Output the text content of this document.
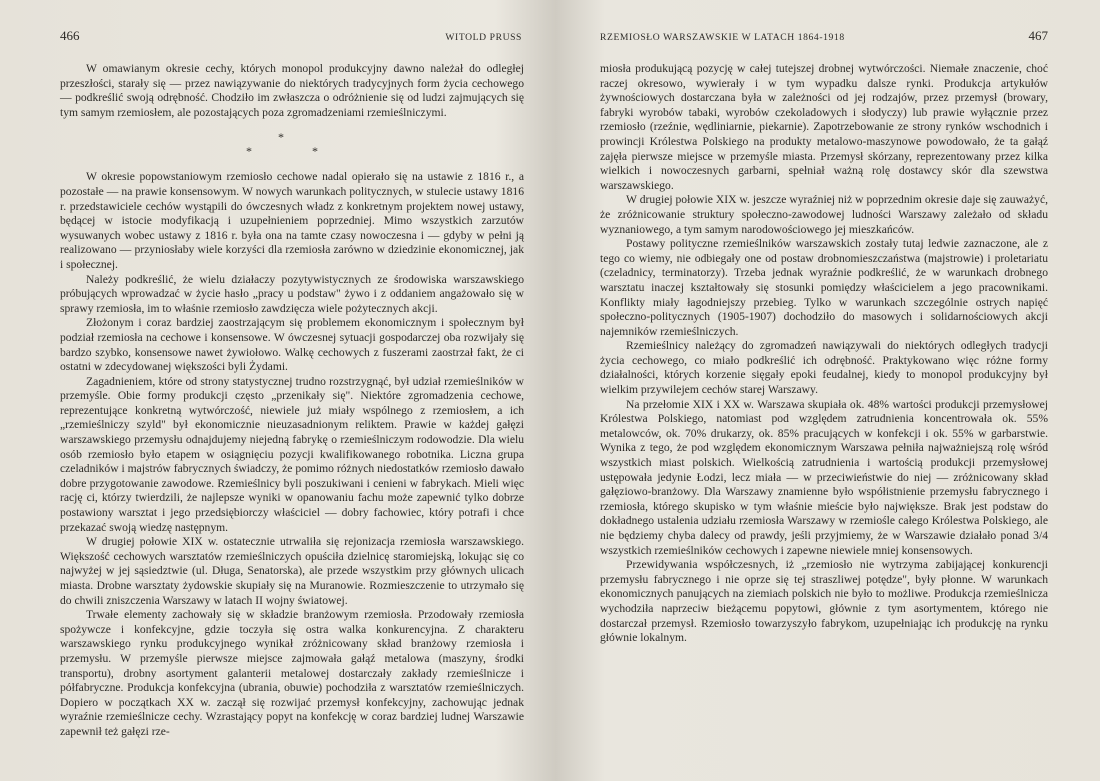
466	WITOLD PRUSS

W omawianym okresie cechy, których monopol produkcyjny dawno należał do odległej przeszłości, starały się — przez nawiązywanie do niektórych tradycyjnych form życia cechowego — podkreślić swoją odrębność. Chodziło im zwłaszcza o odróżnienie się od ludzi zajmujących się tym samym rzemiosłem, ale pozostających poza zgromadzeniami rzemieślniczymi.

*
*	*

W okresie popowstaniowym rzemiosło cechowe nadal opierało się na ustawie z 1816 r., a pozostałe — na prawie konsensowym. W nowych warunkach politycznych, w stulecie ustawy 1816 r. przedstawiciele cechów wystąpili do ówczesnych władz z konkretnym projektem nowej ustawy, będącej w istocie modyfikacją i uzupełnieniem poprzedniej. Mimo wszystkich zarzutów wysuwanych wobec ustawy z 1816 r. była ona na tamte czasy nowoczesna i — gdyby w pełni ją realizowano — przyniosłaby wiele korzyści dla rzemiosła zarówno w dziedzinie ekonomicznej, jak i społecznej.

Należy podkreślić, że wielu działaczy pozytywistycznych ze środowiska warszawskiego próbujących wprowadzać w życie hasło „pracy u podstaw" żywo i z oddaniem angażowało się w sprawy rzemiosła, im to właśnie rzemiosło zawdzięcza wiele pożytecznych akcji.

Złożonym i coraz bardziej zaostrzającym się problemem ekonomicznym i społecznym był podział rzemiosła na cechowe i konsensowe. W ówczesnej sytuacji gospodarczej oba rozwijały się bardzo szybko, konsensowe nawet żywiołowo. Walkę cechowych z fuszerami zaostrzał fakt, że ci ostatni w zdecydowanej większości byli Żydami.

Zagadnieniem, które od strony statystycznej trudno rozstrzygnąć, był udział rzemieślników w przemyśle. Obie formy produkcji często „przenikały się". Niektóre zgromadzenia cechowe, reprezentujące konkretną wytwórczość, niewiele już miały wspólnego z rzemiosłem, a ich „rzemieślniczy szyld" był ekonomicznie nieuzasadnionym reliktem. Prawie w każdej gałęzi warszawskiego przemysłu odnajdujemy niejedną fabrykę o rzemieślniczym rodowodzie. Dla wielu osób rzemiosło było etapem w osiągnięciu pozycji kwalifikowanego robotnika. Liczna grupa czeladników i majstrów fabrycznych świadczy, że pomimo różnych niedostatków rzemiosło dawało dobre przygotowanie zawodowe. Rzemieślnicy byli poszukiwani i cenieni w fabrykach. Mieli więc rację ci, którzy twierdzili, że najlepsze wyniki w opanowaniu fachu może zapewnić tylko dobrze postawiony warsztat i jego przedsiębiorczy właściciel — dobry fachowiec, który potrafi i chce przekazać swoją wiedzę następnym.

W drugiej połowie XIX w. ostatecznie utrwaliła się rejonizacja rzemiosła warszawskiego. Większość cechowych warsztatów rzemieślniczych opuściła dzielnicę staromiejską, lokując się co najwyżej w jej sąsiedztwie (ul. Długa, Senatorska), ale przede wszystkim przy głównych ulicach miasta. Drobne warsztaty żydowskie skupiały się na Muranowie. Rozmieszczenie to utrzymało się do chwili zniszczenia Warszawy w latach II wojny światowej.

Trwałe elementy zachowały się w składzie branżowym rzemiosła. Przodowały rzemiosła spożywcze i konfekcyjne, gdzie toczyła się ostra walka konkurencyjna. Z charakteru warszawskiego rynku produkcyjnego wynikał zróżnicowany skład branżowy rzemiosła i przemysłu. W przemyśle pierwsze miejsce zajmowała gałąź metalowa (maszyny, środki transportu), drobny asortyment galanterii metalowej dostarczały zakłady rzemieślnicze i półfabryczne. Produkcja konfekcyjna (ubrania, obuwie) pochodziła z warsztatów rzemieślniczych. Dopiero w początkach XX w. zaczął się rozwijać przemysł konfekcyjny, zachowując jednak wyraźnie rzemieślnicze cechy. Wzrastający popyt na konfekcję w coraz bardziej ludnej Warszawie zapewnił też gałęzi rze-

RZEMIOSŁO WARSZAWSKIE W LATACH 1864-1918	467

miosła produkującą pozycję w całej tutejszej drobnej wytwórczości. Niemałe znaczenie, choć raczej okresowo, wywierały i w tym wypadku dalsze rynki. Produkcja artykułów żywnościowych dostarczana była w zależności od jej rodzajów, przez przemysł (browary, fabryki wyrobów tabaki, wyrobów czekoladowych i słodyczy) lub prawie wyłącznie przez rzemiosło (rzeźnie, wędliniarnie, piekarnie). Zapotrzebowanie ze strony rynków wschodnich i prowincji Królestwa Polskiego na produkty metalowo-maszynowe powodowało, że ta gałąź zajęła pierwsze miejsce w przemyśle miasta. Przemysł skórzany, reprezentowany przez kilka wielkich i nowoczesnych garbarni, spełniał ważną rolę dostawcy skór dla szewstwa warszawskiego.

W drugiej połowie XIX w. jeszcze wyraźniej niż w poprzednim okresie daje się zauważyć, że zróżnicowanie struktury społeczno-zawodowej ludności Warszawy zależało od składu wyznaniowego, a tym samym narodowościowego jej mieszkańców.

Postawy polityczne rzemieślników warszawskich zostały tutaj ledwie zaznaczone, ale z tego co wiemy, nie odbiegały one od postaw drobnomieszczaństwa (majstrowie) i proletariatu (czeladnicy, terminatorzy). Trzeba jednak wyraźnie podkreślić, że w warunkach drobnego warsztatu inaczej kształtowały się stosunki pomiędzy właścicielem a jego pracownikami. Konflikty miały łagodniejszy przebieg. Tylko w warunkach szczególnie ostrych napięć społeczno-politycznych (1905-1907) dochodziło do masowych i solidarnościowych akcji najemników rzemieślniczych.

Rzemieślnicy należący do zgromadzeń nawiązywali do niektórych odległych tradycji życia cechowego, co miało podkreślić ich odrębność. Praktykowano więc różne formy działalności, których korzenie sięgały epoki feudalnej, kiedy to monopol produkcyjny był wielkim przywilejem cechów starej Warszawy.

Na przełomie XIX i XX w. Warszawa skupiała ok. 48% wartości produkcji przemysłowej Królestwa Polskiego, natomiast pod względem zatrudnienia koncentrowała ok. 55% metalowców, ok. 70% drukarzy, ok. 85% pracujących w konfekcji i ok. 55% w garbarstwie. Wynika z tego, że pod względem ekonomicznym Warszawa pełniła najważniejszą rolę wśród wszystkich miast polskich. Wielkością zatrudnienia i wartością produkcji przemysłowej ustępowała jedynie Łodzi, lecz miała — w przeciwieństwie do niej — zróżnicowany skład gałęziowo-branżowy. Dla Warszawy znamienne było współistnienie przemysłu fabrycznego i rzemiosła, którego skupisko w tym właśnie mieście było największe. Brak jest podstaw do dokładnego ustalenia udziału rzemiosła Warszawy w rzemiośle całego Królestwa Polskiego, ale nie będziemy chyba dalecy od prawdy, jeśli przyjmiemy, że w Warszawie działało ponad 3/4 wszystkich rzemieślników cechowych i zapewne niewiele mniej konsensowych.

Przewidywania współczesnych, iż „rzemiosło nie wytrzyma zabijającej konkurencji przemysłu fabrycznego i nie oprze się tej straszliwej potędze", były płonne. W warunkach ekonomicznych panujących na ziemiach polskich nie było to możliwe. Produkcja rzemieślnicza wychodziła naprzeciw bieżącemu popytowi, głównie z tym asortymentem, którego nie dostarczał przemysł. Rzemiosło towarzyszyło fabrykom, uzupełniając ich produkcję na rynku głównie lokalnym.
